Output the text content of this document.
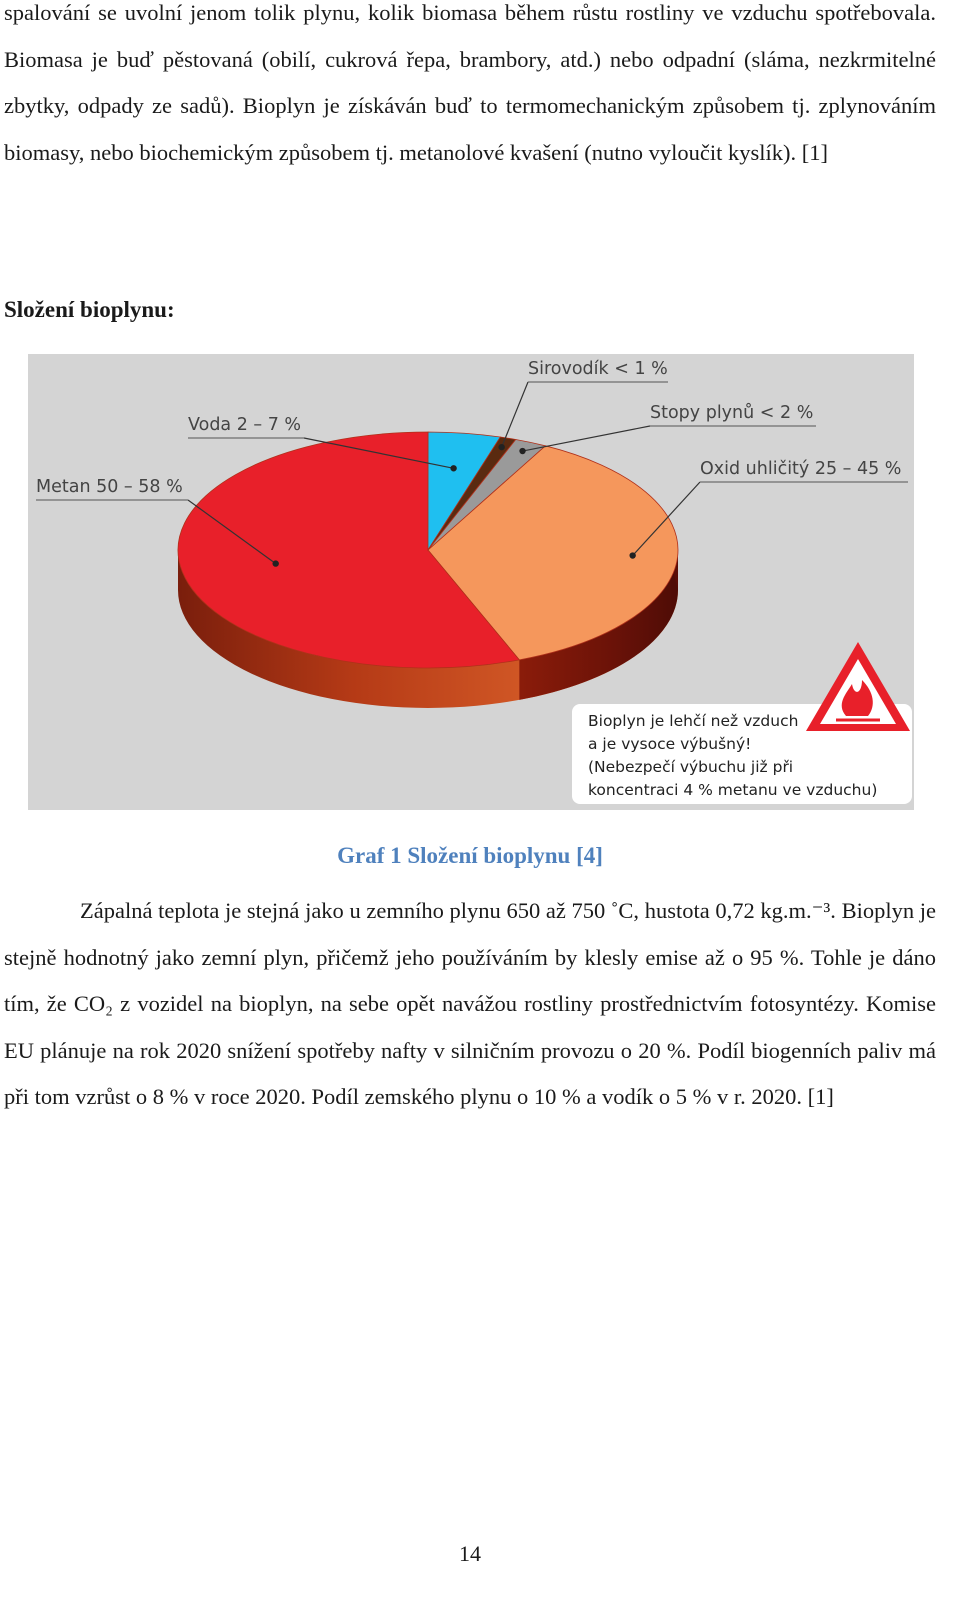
spalování se uvolní jenom tolik plynu, kolik biomasa během růstu rostliny ve vzduchu spotřebovala. Biomasa je buď pěstovaná (obilí, cukrová řepa, brambory, atd.) nebo odpadní (sláma, nezkrmitelné zbytky, odpady ze sadů). Bioplyn je získáván buď to termomechanickým způsobem tj. zplynováním biomasy, nebo biochemickým způsobem tj. metanolové kvašení (nutno vyloučit kyslík). [1]

Složení bioplynu:
Oxid uhličitý 25 – 45 %
Metan 50 – 58 %
Voda 2 – 7 %
Sirovodík < 1 %
Stopy plynů < 2 %
Bioplyn je lehčí než vzduch
a je vysoce výbušný!
(Nebezpečí výbuchu již při
koncentraci 4 % metanu ve vzduchu)

Graf 1 Složení bioplynu [4]

Zápalná teplota je stejná jako u zemního plynu 650 až 750 ˚C, hustota 0,72 kg.m.⁻³. Bioplyn je stejně hodnotný jako zemní plyn, přičemž jeho používáním by klesly emise až o 95 %. Tohle je dáno tím, že CO₂ z vozidel na bioplyn, na sebe opět navážou rostliny prostřednictvím fotosyntézy. Komise EU plánuje na rok 2020 snížení spotřeby nafty v silničním provozu o 20 %. Podíl biogenních paliv má při tom vzrůst o 8 % v roce 2020. Podíl zemského plynu o 10 % a vodík o 5 % v r. 2020. [1]

14
